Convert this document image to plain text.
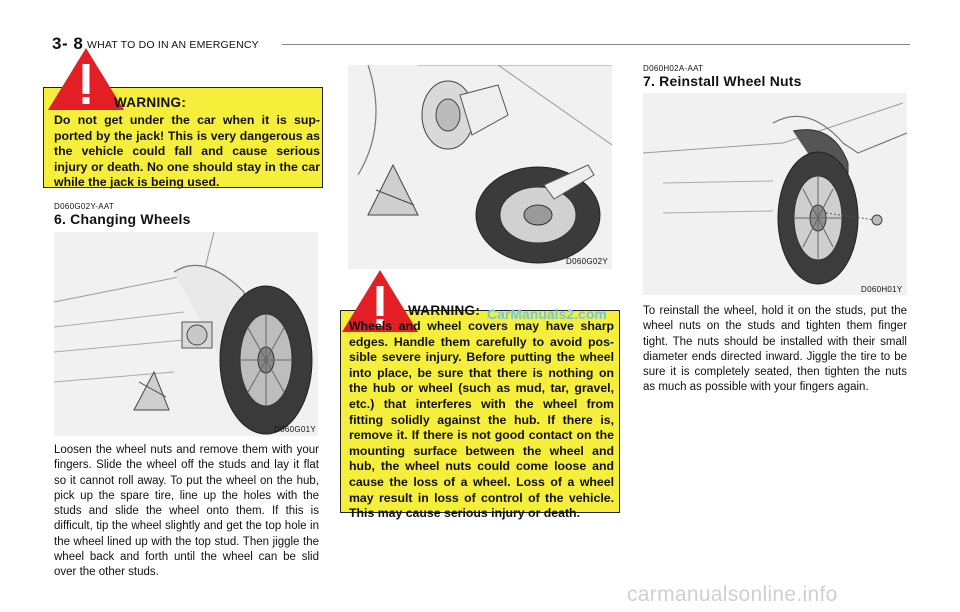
3- 8 WHAT TO DO IN AN EMERGENCY
WARNING:
Do not get under the car when it is sup-ported by the jack! This is very dangerous as the vehicle could fall and cause serious injury or death. No one should stay in the car while the jack is being used.
D060G02Y-AAT
6. Changing Wheels
D060G01Y
Loosen the wheel nuts and remove them with your fingers. Slide the wheel off the studs and lay it flat so it cannot roll away. To put the wheel on the hub, pick up the spare tire, line up the holes with the studs and slide the wheel onto them. If this is difficult, tip the wheel slightly and get the top hole in the wheel lined up with the top stud. Then jiggle the wheel back and forth until the wheel can be slid over the other studs.
D060G02Y
WARNING:
Wheels and wheel covers may have sharp edges. Handle them carefully to avoid pos-sible severe injury. Before putting the wheel into place, be sure that there is nothing on the hub or wheel (such as mud, tar, gravel, etc.) that interferes with the wheel from fitting solidly against the hub. If there is, remove it. If there is not good contact on the mounting surface between the wheel and hub, the wheel nuts could come loose and cause the loss of a wheel. Loss of a wheel may result in loss of control of the vehicle. This may cause serious injury or death.
CarManuals2.com
D060H02A-AAT
7. Reinstall Wheel Nuts
D060H01Y
To reinstall the wheel, hold it on the studs, put the wheel nuts on the studs and tighten them finger tight. The nuts should be installed with their small diameter ends directed inward. Jiggle the tire to be sure it is completely seated, then tighten the nuts as much as possible with your fingers again.
carmanualsonline.info
